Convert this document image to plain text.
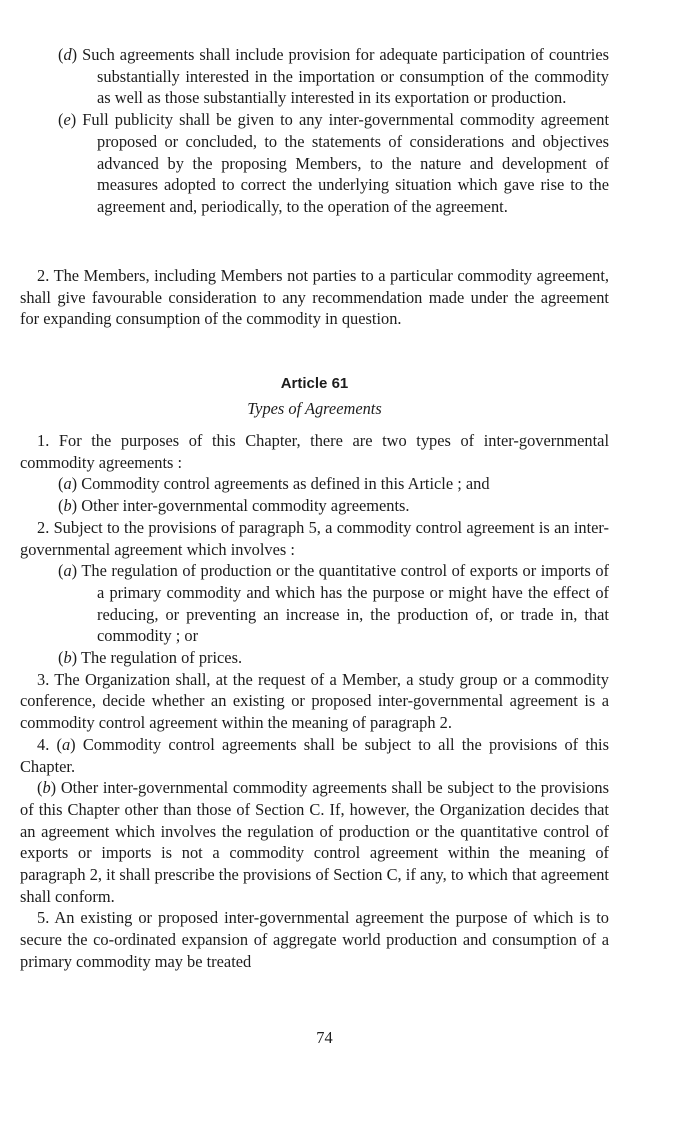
(d) Such agreements shall include provision for adequate participation of countries substantially interested in the importation or consumption of the commodity as well as those substantially interested in its exportation or production.

(e) Full publicity shall be given to any inter-governmental commodity agreement proposed or concluded, to the statements of considerations and objectives advanced by the proposing Members, to the nature and development of measures adopted to correct the underlying situation which gave rise to the agreement and, periodically, to the operation of the agreement.

2. The Members, including Members not parties to a particular commodity agreement, shall give favourable consideration to any recommendation made under the agreement for expanding consumption of the commodity in question.

Article 61
Types of Agreements

1. For the purposes of this Chapter, there are two types of inter-governmental commodity agreements :

(a) Commodity control agreements as defined in this Article ; and

(b) Other inter-governmental commodity agreements.

2. Subject to the provisions of paragraph 5, a commodity control agreement is an inter-governmental agreement which involves :

(a) The regulation of production or the quantitative control of exports or imports of a primary commodity and which has the purpose or might have the effect of reducing, or preventing an increase in, the production of, or trade in, that commodity ; or

(b) The regulation of prices.

3. The Organization shall, at the request of a Member, a study group or a commodity conference, decide whether an existing or proposed inter-governmental agreement is a commodity control agreement within the meaning of paragraph 2.

4. (a) Commodity control agreements shall be subject to all the provisions of this Chapter.

(b) Other inter-governmental commodity agreements shall be subject to the provisions of this Chapter other than those of Section C. If, however, the Organization decides that an agreement which involves the regulation of production or the quantitative control of exports or imports is not a commodity control agreement within the meaning of paragraph 2, it shall prescribe the provisions of Section C, if any, to which that agreement shall conform.

5. An existing or proposed inter-governmental agreement the purpose of which is to secure the co-ordinated expansion of aggregate world production and consumption of a primary commodity may be treated

74
